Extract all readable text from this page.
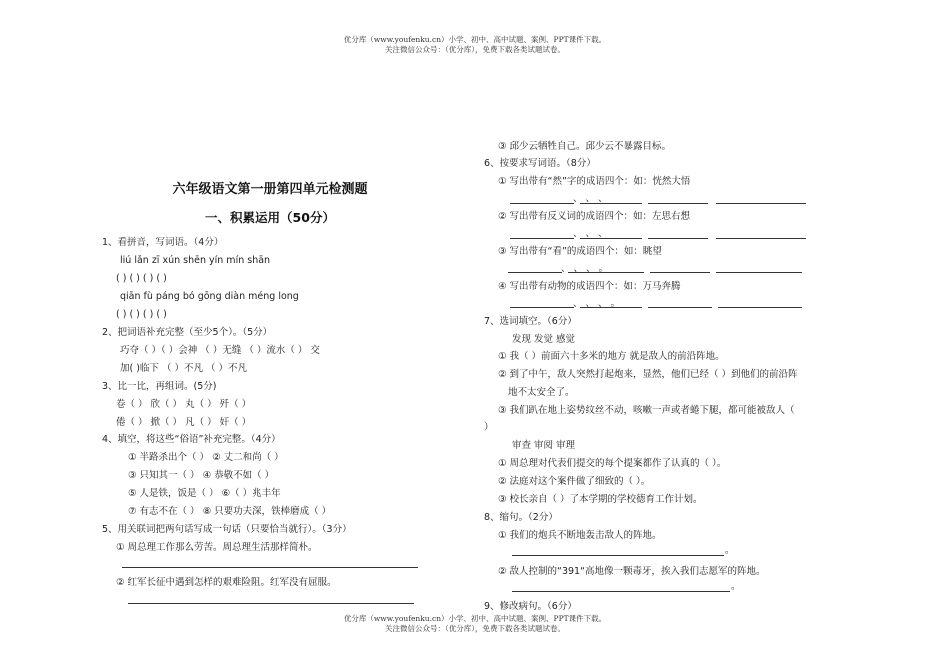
优分库（www.youfenku.cn）小学、初中、高中试题、案例、PPT课件下载。
关注微信公众号：（优分库），免费下载各类试题试卷。
六年级语文第一册第四单元检测题
一、积累运用（50分）
1、看拼音，写词语。（4分）
liú lǎn zī xún shēn yín mín shān
( ) ( ) ( ) ( )
qiān fù páng bó gōng diàn méng long
( ) ( ) ( ) ( )
2、把词语补充完整（至少5个）。（5分）
巧夺（ ）（ ）会神 （ ）无缝 （ ）流水（ ） 交
加( )临下 （ ）不凡 （ ）不凡
3、比一比，再组词。(5分)
卷（ ） 欣（ ） 丸（ ） 歼（ ）
倦（ ） 掀（ ） 凡（ ） 奸（ ）
4、填空，将这些“俗语”补充完整。（4分）
① 半路杀出个（ ） ② 丈二和尚（ ）
③ 只知其一（ ） ④ 恭敬不如（ ）
⑤ 人是铁，饭是（ ） ⑥（ ）兆丰年
⑦ 有志不在（ ） ⑧ 只要功夫深，铁棒磨成（ ）
5、用关联词把两句话写成一句话（只要恰当就行）。（3分）
① 周总理工作那么劳苦。周总理生活那样简朴。
② 红军长征中遇到怎样的艰难险阻。红军没有屈服。
③ 邱少云牺牲自己。邱少云不暴露目标。
6、按要求写词语。（8分）
① 写出带有“然”字的成语四个：如：恍然大悟
、 、 、
② 写出带有反义词的成语四个：如：左思右想
、 、 、
③ 写出带有“看”的成语四个：如：眺望
、 、 、 。
④ 写出带有动物的成语四个：如：万马奔腾
、 、 、 。
7、选词填空。（6分）
发现 发觉 感觉
① 我（ ）前面六十多米的地方 就是敌人的前沿阵地。
② 到了中午，敌人突然打起炮来，显然，他们已经（ ）到他们的前沿阵
地不太安全了。
③ 我们趴在地上姿势纹丝不动，咳嗽一声或者蜷下腿，都可能被敌人（
）
审查 审阅 审理
① 周总理对代表们提交的每个提案都作了认真的（ ）。
② 法庭对这个案件做了细致的（ ）。
③ 校长亲自（ ）了本学期的学校德育工作计划。
8、缩句。（2分）
① 我们的炮兵不断地轰击敌人的阵地。
。
② 敌人控制的“391“高地像一颗毒牙，挨入我们志愿军的阵地。
。
9、修改病句。（6分）
优分库（www.youfenku.cn）小学、初中、高中试题、案例、PPT课件下载。
关注微信公众号：（优分库），免费下载各类试题试卷。
